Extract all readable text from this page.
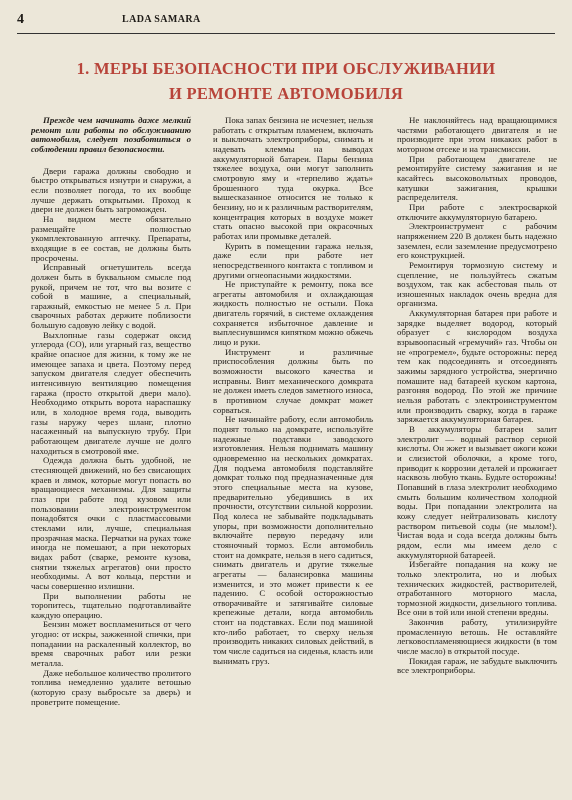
4	LADA SAMARA
1. МЕРЫ БЕЗОПАСНОСТИ ПРИ ОБСЛУЖИВАНИИ
И РЕМОНТЕ АВТОМОБИЛЯ

Прежде чем начинать даже мелкий ремонт или работы по обслуживанию автомобиля, следует позаботиться о соблюдении правил безопасности.

Двери гаража должны свободно и быстро открываться изнутри и снаружи, а если позволяет погода, то их вообще лучше держать открытыми. Проход к двери не должен быть загроможден.

На видном месте обязательно размещайте полностью укомплектованную аптечку. Препараты, входящие в ее состав, не должны быть просрочены.

Исправный огнетушитель всегда должен быть в буквальном смысле под рукой, причем не тот, что вы возите с собой в машине, а специальный, гаражный, емкостью не менее 5 л. При сварочных работах держите поблизости большую садовую лейку с водой.

Выхлопные газы содержат оксид углерода (CO), или угарный газ, вещество крайне опасное для жизни, к тому же не имеющее запаха и цвета. Поэтому перед запуском двигателя следует обеспечить интенсивную вентиляцию помещения гаража (просто открытой двери мало). Необходимо открыть ворота нараспашку или, в холодное время года, выводить газы наружу через шланг, плотно насаженный на выпускную трубу. При работающем двигателе лучше не долго находиться в смотровой яме.

Одежда должна быть удобной, не стесняющей движений, но без свисающих краев и лямок, которые могут попасть во вращающиеся механизмы. Для защиты глаз при работе под кузовом или пользовании электроинструментом понадобятся очки с пластмассовыми стеклами или, лучше, специальная прозрачная маска. Перчатки на руках тоже иногда не помешают, а при некоторых видах работ (сварке, ремонте кузова, снятии тяжелых агрегатов) они просто необходимы. А вот кольца, перстни и часы совершенно излишни.

При выполнении работы не торопитесь, тщательно подготавливайте каждую операцию.

Бензин может воспламениться от чего угодно: от искры, зажженной спички, при попадании на раскаленный коллектор, во время сварочных работ или резки металла.

Даже небольшое количество пролитого топлива немедленно удалите ветошью (которую сразу выбросьте за дверь) и проветрите помещение.

Пока запах бензина не исчезнет, нельзя работать с открытым пламенем, включать и выключать электроприборы, снимать и надевать клеммы на выводах аккумуляторной батареи. Пары бензина тяжелее воздуха, они могут заполнить смотровую яму и «терпеливо ждать» брошенного туда окурка. Все вышесказанное относится не только к бензину, но и к различным растворителям, концентрация которых в воздухе может стать опасно высокой при окрасочных работах или промывке деталей.

Курить в помещении гаража нельзя, даже если при работе нет непосредственного контакта с топливом и другими огнеопасными жидкостями.

Не приступайте к ремонту, пока все агрегаты автомобиля и охлаждающая жидкость полностью не остыли. Пока двигатель горячий, в системе охлаждения сохраняется избыточное давление и выплеснувшимся кипятком можно обжечь лицо и руки.

Инструмент и различные приспособления должны быть по возможности высокого качества и исправны. Винт механического домкрата не должен иметь следов заметного износа, в противном случае домкрат может сорваться.

Не начинайте работу, если автомобиль поднят только на домкрате, используйте надежные подставки заводского изготовления. Нельзя поднимать машину одновременно на нескольких домкратах. Для подъема автомобиля подставляйте домкрат только под предназначенные для этого специальные места на кузове, предварительно убедившись в их прочности, отсутствии сильной коррозии. Под колеса не забывайте подкладывать упоры, при возможности дополнительно включайте первую передачу или стояночный тормоз. Если автомобиль стоит на домкрате, нельзя в него садиться, снимать двигатель и другие тяжелые агрегаты — балансировка машины изменится, и это может привести к ее падению. С особой осторожностью отворачивайте и затягивайте силовые крепежные детали, когда автомобиль стоит на подставках. Если под машиной кто-либо работает, то сверху нельзя производить никаких силовых действий, в том числе садиться на сиденья, класть или вынимать груз.

Не наклоняйтесь над вращающимися частями работающего двигателя и не производите при этом никаких работ в моторном отсеке и на трансмиссии.

При работающем двигателе не ремонтируйте систему зажигания и не касайтесь высоковольтных проводов, катушки зажигания, крышки распределителя.

При работе с электросваркой отключите аккумуляторную батарею.

Электроинструмент с рабочим напряжением 220 В должен быть надежно заземлен, если заземление предусмотрено его конструкцией.

Ремонтируя тормозную систему и сцепление, не пользуйтесь сжатым воздухом, так как асбестовая пыль от изношенных накладок очень вредна для организма.

Аккумуляторная батарея при работе и зарядке выделяет водород, который образует с кислородом воздуха взрывоопасный «гремучий» газ. Чтобы он не «прогремел», будьте осторожны: перед тем как подсоединять и отсоединять зажимы зарядного устройства, энергично помашите над батареей куском картона, разгоняя водород. По этой же причине нельзя работать с электроинструментом или производить сварку, когда в гараже заряжается аккумуляторная батарея.

В аккумуляторы батареи залит электролит — водный раствор серной кислоты. Он жжет и вызывает ожоги кожи и слизистой оболочки, а кроме того, приводит к коррозии деталей и прожигает насквозь любую ткань. Будьте осторожны! Попавший в глаза электролит необходимо смыть большим количеством холодной воды. При попадании электролита на кожу следует нейтрализовать кислоту раствором питьевой соды (не мылом!). Чистая вода и сода всегда должны быть рядом, если мы имеем дело с аккумуляторной батареей.

Избегайте попадания на кожу не только электролита, но и любых технических жидкостей, растворителей, отработанного моторного масла, тормозной жидкости, дизельного топлива. Все они в той или иной степени вредны.

Закончив работу, утилизируйте промасленную ветошь. Не оставляйте легковоспламеняющиеся жидкости (в том числе масло) в открытой посуде.

Покидая гараж, не забудьте выключить все электроприборы.
